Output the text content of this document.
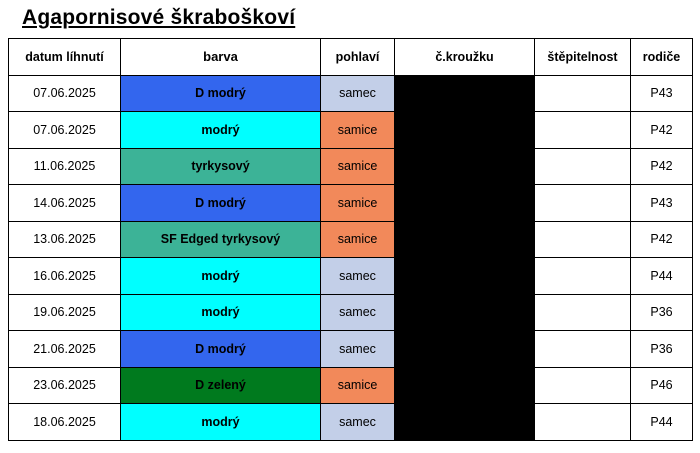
Agapornisové škraboškoví
datum líhnutí	barva	pohlaví	č.kroužku	štěpitelnost	rodiče
07.06.2025	D modrý	samec	AC 009 CZ 25 013		P43
07.06.2025	modrý	samice	AC 009 CZ 25 014		P42
11.06.2025	tyrkysový	samice	AC 009 CZ 25 017		P42
14.06.2025	D modrý	samice	AC 009 CZ 25 019		P43
13.06.2025	SF Edged tyrkysový	samice	AC 009 CZ 25 021		P42
16.06.2025	modrý	samec	AC 009 CZ 25 025		P44
19.06.2025	modrý	samec	AC 009 CZ 25 026		P36
21.06.2025	D modrý	samec	AC 009 CZ 25 029		P36
23.06.2025	D zelený	samice	AC 009 CZ 25 034		P46
18.06.2025	modrý	samec	AC 009 CZ 25 035		P44
